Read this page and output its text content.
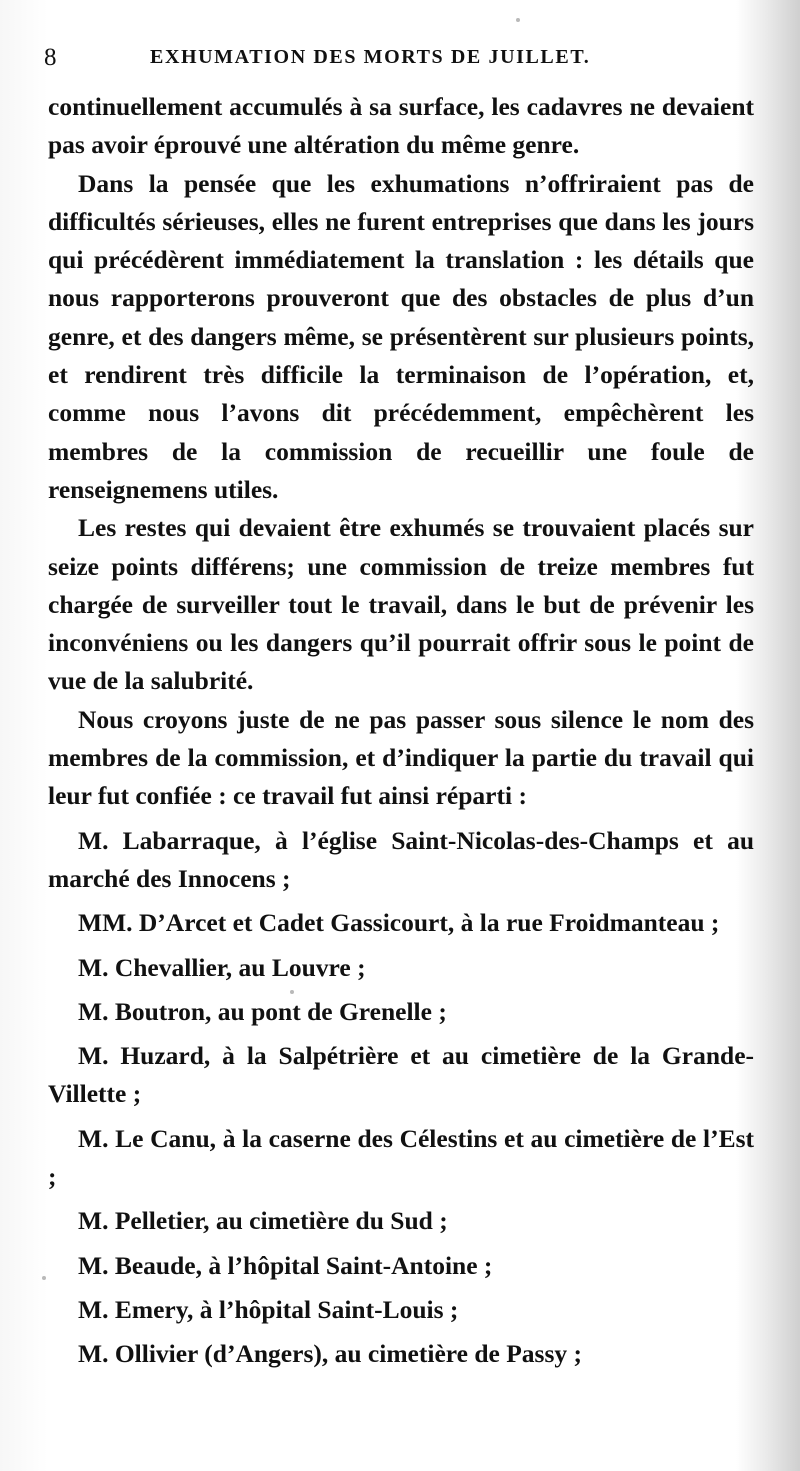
8	EXHUMATION DES MORTS DE JUILLET.

continuellement accumulés à sa surface, les cadavres ne devaient pas avoir éprouvé une altération du même genre.

Dans la pensée que les exhumations n’offriraient pas de difficultés sérieuses, elles ne furent entreprises que dans les jours qui précédèrent immédiatement la translation : les détails que nous rapporterons prouveront que des obstacles de plus d’un genre, et des dangers même, se présentèrent sur plusieurs points, et rendirent très difficile la terminaison de l’opération, et, comme nous l’avons dit précédemment, empêchèrent les membres de la commission de recueillir une foule de renseignemens utiles.

Les restes qui devaient être exhumés se trouvaient placés sur seize points différens; une commission de treize membres fut chargée de surveiller tout le travail, dans le but de prévenir les inconvéniens ou les dangers qu’il pourrait offrir sous le point de vue de la salubrité.

Nous croyons juste de ne pas passer sous silence le nom des membres de la commission, et d’indiquer la partie du travail qui leur fut confiée : ce travail fut ainsi réparti :

M. Labarraque, à l’église Saint-Nicolas-des-Champs et au marché des Innocens ;

MM. D’Arcet et Cadet Gassicourt, à la rue Froidmanteau ;

M. Chevallier, au Louvre ;

M. Boutron, au pont de Grenelle ;

M. Huzard, à la Salpétrière et au cimetière de la Grande-Villette ;

M. Le Canu, à la caserne des Célestins et au cimetière de l’Est ;

M. Pelletier, au cimetière du Sud ;

M. Beaude, à l’hôpital Saint-Antoine ;

M. Emery, à l’hôpital Saint-Louis ;

M. Ollivier (d’Angers), au cimetière de Passy ;
